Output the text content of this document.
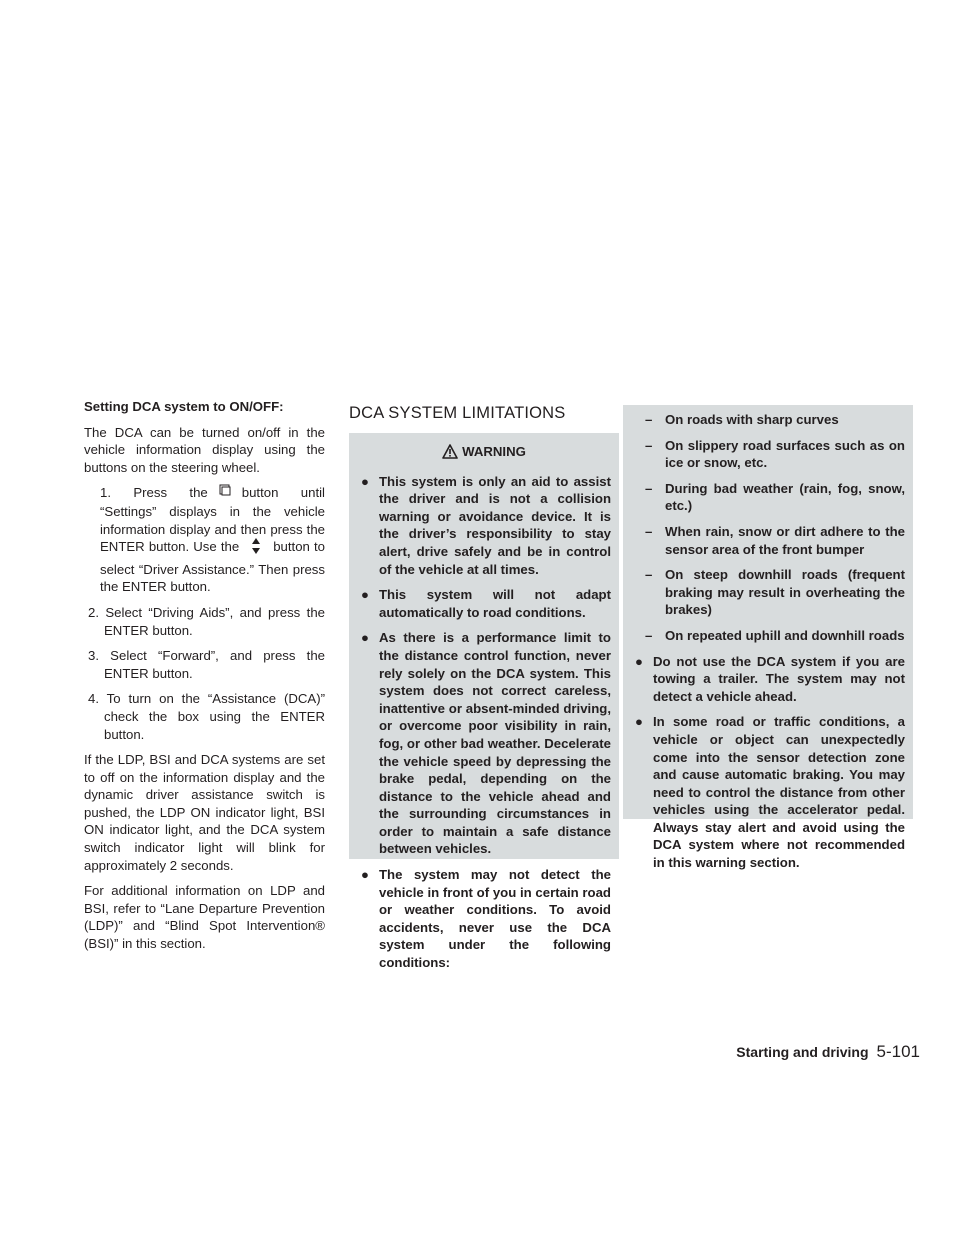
Setting DCA system to ON/OFF:

The DCA can be turned on/off in the vehicle information display using the buttons on the steering wheel.

1. Press the	button until “Settings” displays in the vehicle information display and then press the ENTER button. Use the	button to select “Driver Assistance.” Then press the ENTER button.
2. Select “Driving Aids”, and press the ENTER button.
3. Select “Forward”, and press the ENTER button.
4. To turn on the “Assistance (DCA)” check the box using the ENTER button.

If the LDP, BSI and DCA systems are set to off on the information display and the dynamic driver assistance switch is pushed, the LDP ON indicator light, BSI ON indicator light, and the DCA system switch indicator light will blink for approximately 2 seconds.

For additional information on LDP and BSI, refer to “Lane Departure Prevention (LDP)” and “Blind Spot Intervention® (BSI)” in this section.

DCA SYSTEM LIMITATIONS
WARNING
● This system is only an aid to assist the driver and is not a collision warning or avoidance device. It is the driver’s responsibility to stay alert, drive safely and be in control of the vehicle at all times.
● This system will not adapt automatically to road conditions.
● As there is a performance limit to the distance control function, never rely solely on the DCA system. This system does not correct careless, inattentive or absent-minded driving, or overcome poor visibility in rain, fog, or other bad weather. Decelerate the vehicle speed by depressing the brake pedal, depending on the distance to the vehicle ahead and the surrounding circumstances in order to maintain a safe distance between vehicles.
● The system may not detect the vehicle in front of you in certain road or weather conditions. To avoid accidents, never use the DCA system under the following conditions:
– On roads with sharp curves
– On slippery road surfaces such as on ice or snow, etc.
– During bad weather (rain, fog, snow, etc.)
– When rain, snow or dirt adhere to the sensor area of the front bumper
– On steep downhill roads (frequent braking may result in overheating the brakes)
– On repeated uphill and downhill roads
● Do not use the DCA system if you are towing a trailer. The system may not detect a vehicle ahead.
● In some road or traffic conditions, a vehicle or object can unexpectedly come into the sensor detection zone and cause automatic braking. You may need to control the distance from other vehicles using the accelerator pedal. Always stay alert and avoid using the DCA system where not recommended in this warning section.
Starting and driving 5-101
